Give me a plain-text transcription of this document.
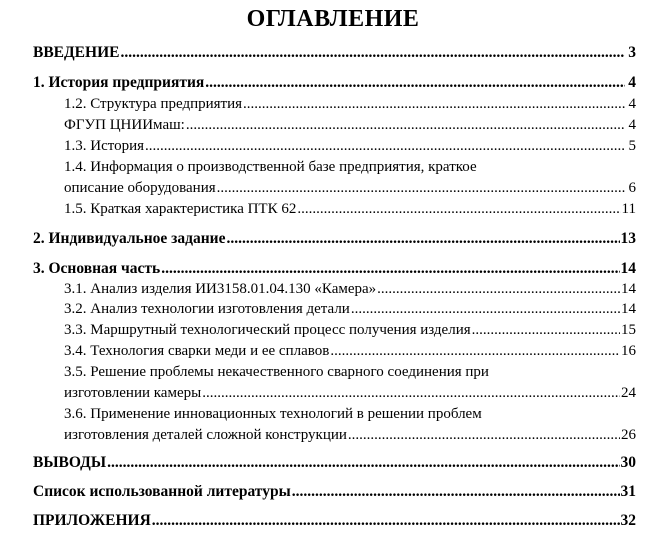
ОГЛАВЛЕНИЕ
ВВЕДЕНИЕ .....	3
1. История предприятия .....	4
1.2. Структура предприятия .....	4
ФГУП ЦНИИмаш: .....	4
1.3. История .....	5
1.4. Информация о производственной базе предприятия, краткое
описание оборудования .....	6
1.5. Краткая характеристика ПТК 62 .....	11
2. Индивидуальное задание .....	13
3. Основная часть .....	14
3.1. Анализ изделия ИИ3158.01.04.130 «Камера» .....	14
3.2. Анализ технологии изготовления детали .....	14
3.3. Маршрутный технологический процесс получения изделия .....	15
3.4. Технология сварки меди и ее сплавов .....	16
3.5. Решение проблемы некачественного сварного соединения при
изготовлении камеры .....	24
3.6. Применение инновационных технологий в решении проблем
изготовления деталей сложной конструкции .....	26
ВЫВОДЫ .....	30
Список использованной литературы .....	31
ПРИЛОЖЕНИЯ .....	32
